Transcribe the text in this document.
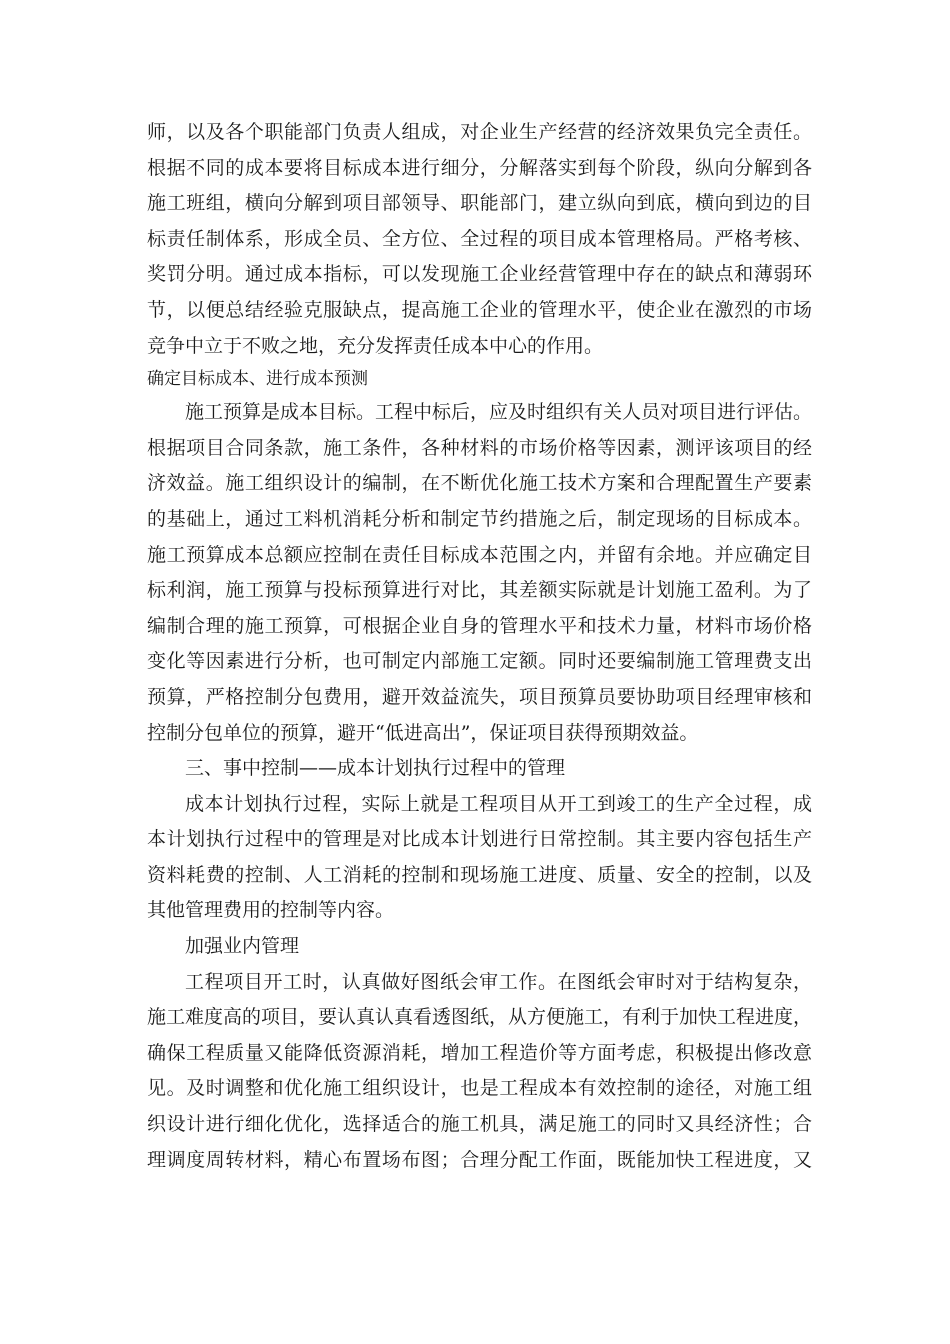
师，以及各个职能部门负责人组成，对企业生产经营的经济效果负完全责任。
根据不同的成本要将目标成本进行细分，分解落实到每个阶段，纵向分解到各
施工班组，横向分解到项目部领导、职能部门，建立纵向到底，横向到边的目
标责任制体系，形成全员、全方位、全过程的项目成本管理格局。严格考核、
奖罚分明。通过成本指标，可以发现施工企业经营管理中存在的缺点和薄弱环
节，以便总结经验克服缺点，提高施工企业的管理水平，使企业在激烈的市场
竞争中立于不败之地，充分发挥责任成本中心的作用。
确定目标成本、进行成本预测
施工预算是成本目标。工程中标后，应及时组织有关人员对项目进行评估。
根据项目合同条款，施工条件，各种材料的市场价格等因素，测评该项目的经
济效益。施工组织设计的编制，在不断优化施工技术方案和合理配置生产要素
的基础上，通过工料机消耗分析和制定节约措施之后，制定现场的目标成本。
施工预算成本总额应控制在责任目标成本范围之内，并留有余地。并应确定目
标利润，施工预算与投标预算进行对比，其差额实际就是计划施工盈利。为了
编制合理的施工预算，可根据企业自身的管理水平和技术力量，材料市场价格
变化等因素进行分析，也可制定内部施工定额。同时还要编制施工管理费支出
预算，严格控制分包费用，避开效益流失，项目预算员要协助项目经理审核和
控制分包单位的预算，避开“低进高出”，保证项目获得预期效益。
三、事中控制——成本计划执行过程中的管理
成本计划执行过程，实际上就是工程项目从开工到竣工的生产全过程，成
本计划执行过程中的管理是对比成本计划进行日常控制。其主要内容包括生产
资料耗费的控制、人工消耗的控制和现场施工进度、质量、安全的控制，以及
其他管理费用的控制等内容。
加强业内管理
工程项目开工时，认真做好图纸会审工作。在图纸会审时对于结构复杂，
施工难度高的项目，要认真认真看透图纸，从方便施工，有利于加快工程进度，
确保工程质量又能降低资源消耗，增加工程造价等方面考虑，积极提出修改意
见。及时调整和优化施工组织设计，也是工程成本有效控制的途径，对施工组
织设计进行细化优化，选择适合的施工机具，满足施工的同时又具经济性；合
理调度周转材料，精心布置场布图；合理分配工作面，既能加快工程进度，又
